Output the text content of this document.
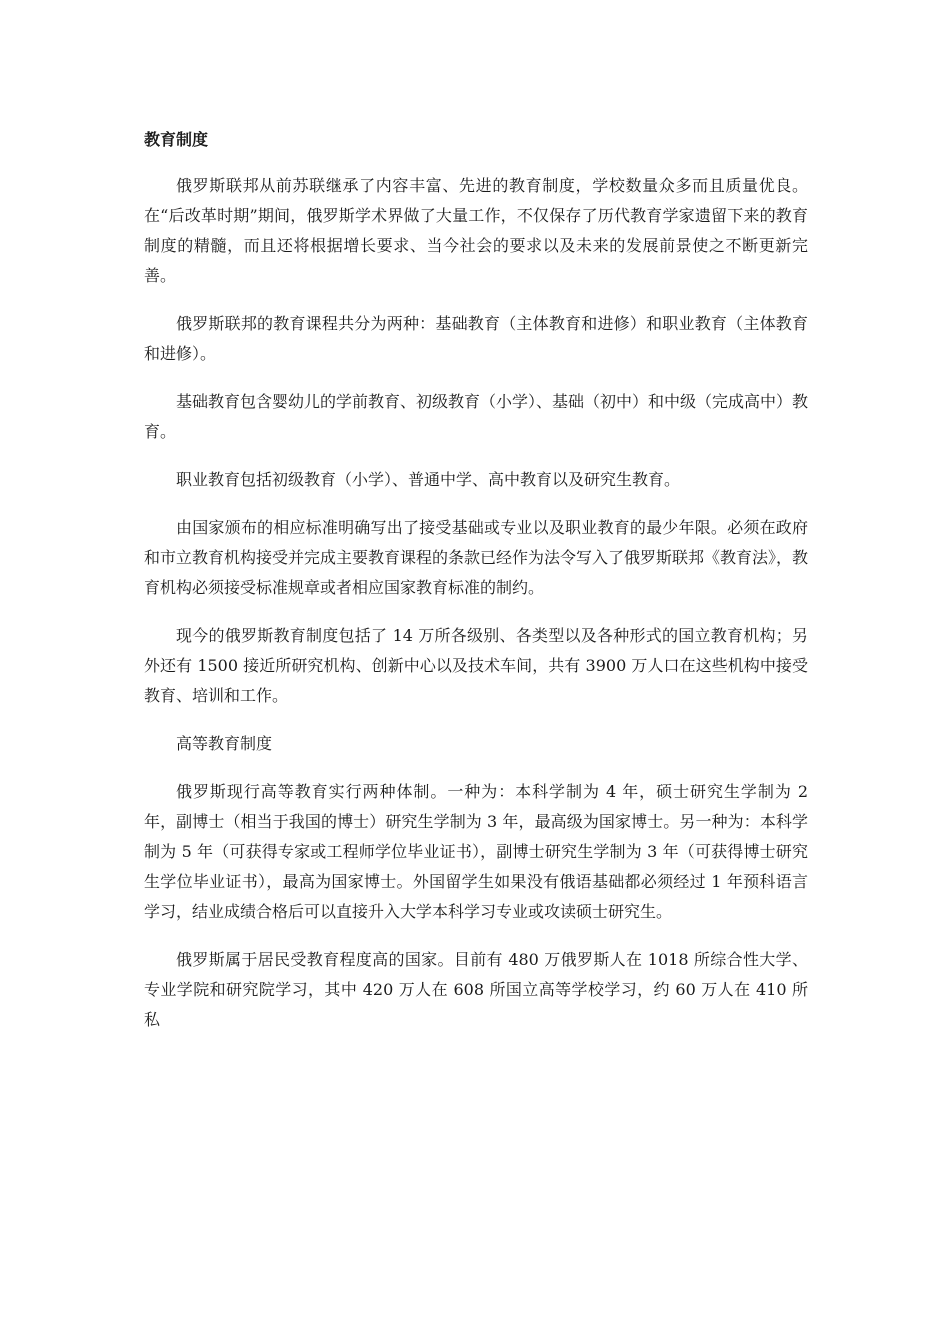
教育制度

俄罗斯联邦从前苏联继承了内容丰富、先进的教育制度，学校数量众多而且质量优良。在“后改革时期”期间，俄罗斯学术界做了大量工作，不仅保存了历代教育学家遗留下来的教育制度的精髓，而且还将根据增长要求、当今社会的要求以及未来的发展前景使之不断更新完善。

俄罗斯联邦的教育课程共分为两种：基础教育（主体教育和进修）和职业教育（主体教育和进修）。

基础教育包含婴幼儿的学前教育、初级教育（小学）、基础（初中）和中级（完成高中）教育。

职业教育包括初级教育（小学）、普通中学、高中教育以及研究生教育。

由国家颁布的相应标准明确写出了接受基础或专业以及职业教育的最少年限。必须在政府和市立教育机构接受并完成主要教育课程的条款已经作为法令写入了俄罗斯联邦《教育法》，教育机构必须接受标准规章或者相应国家教育标准的制约。

现今的俄罗斯教育制度包括了 14 万所各级别、各类型以及各种形式的国立教育机构；另外还有 1500 接近所研究机构、创新中心以及技术车间，共有 3900 万人口在这些机构中接受教育、培训和工作。

高等教育制度

俄罗斯现行高等教育实行两种体制。一种为：本科学制为 4 年，硕士研究生学制为 2 年，副博士（相当于我国的博士）研究生学制为 3 年，最高级为国家博士。另一种为：本科学制为 5 年（可获得专家或工程师学位毕业证书），副博士研究生学制为 3 年（可获得博士研究生学位毕业证书），最高为国家博士。外国留学生如果没有俄语基础都必须经过 1 年预科语言学习，结业成绩合格后可以直接升入大学本科学习专业或攻读硕士研究生。

俄罗斯属于居民受教育程度高的国家。目前有 480 万俄罗斯人在 1018 所综合性大学、专业学院和研究院学习，其中 420 万人在 608 所国立高等学校学习，约 60 万人在 410 所私
